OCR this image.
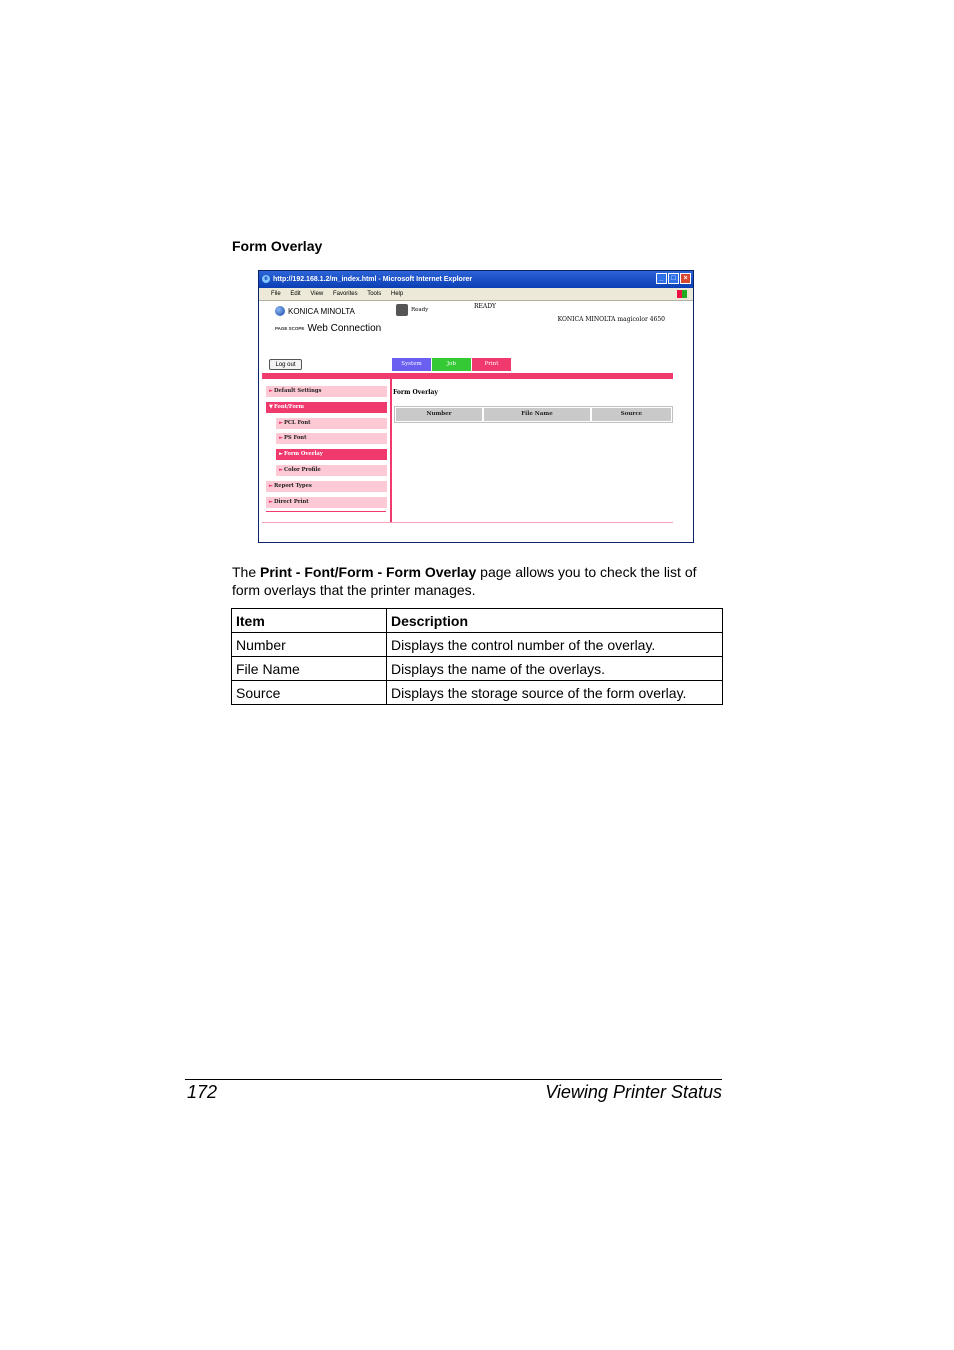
Form Overlay
e http://192.168.1.2/m_index.html - Microsoft Internet Explorer	_	□	×
File Edit View Favorites Tools Help
KONICA MINOLTA
PAGE SCOPE Web Connection
Ready	READY
KONICA MINOLTA magicolor 4650
Log out	System	Job	Print
►Default Settings
▼Font/Form
►PCL Font
►PS Font
►Form Overlay
►Color Profile
►Report Types
►Direct Print
Form Overlay
Number	File Name	Source
The Print - Font/Form - Form Overlay page allows you to check the list of form overlays that the printer manages.
Item	Description
Number	Displays the control number of the overlay.
File Name	Displays the name of the overlays.
Source	Displays the storage source of the form overlay.
172	Viewing Printer Status
